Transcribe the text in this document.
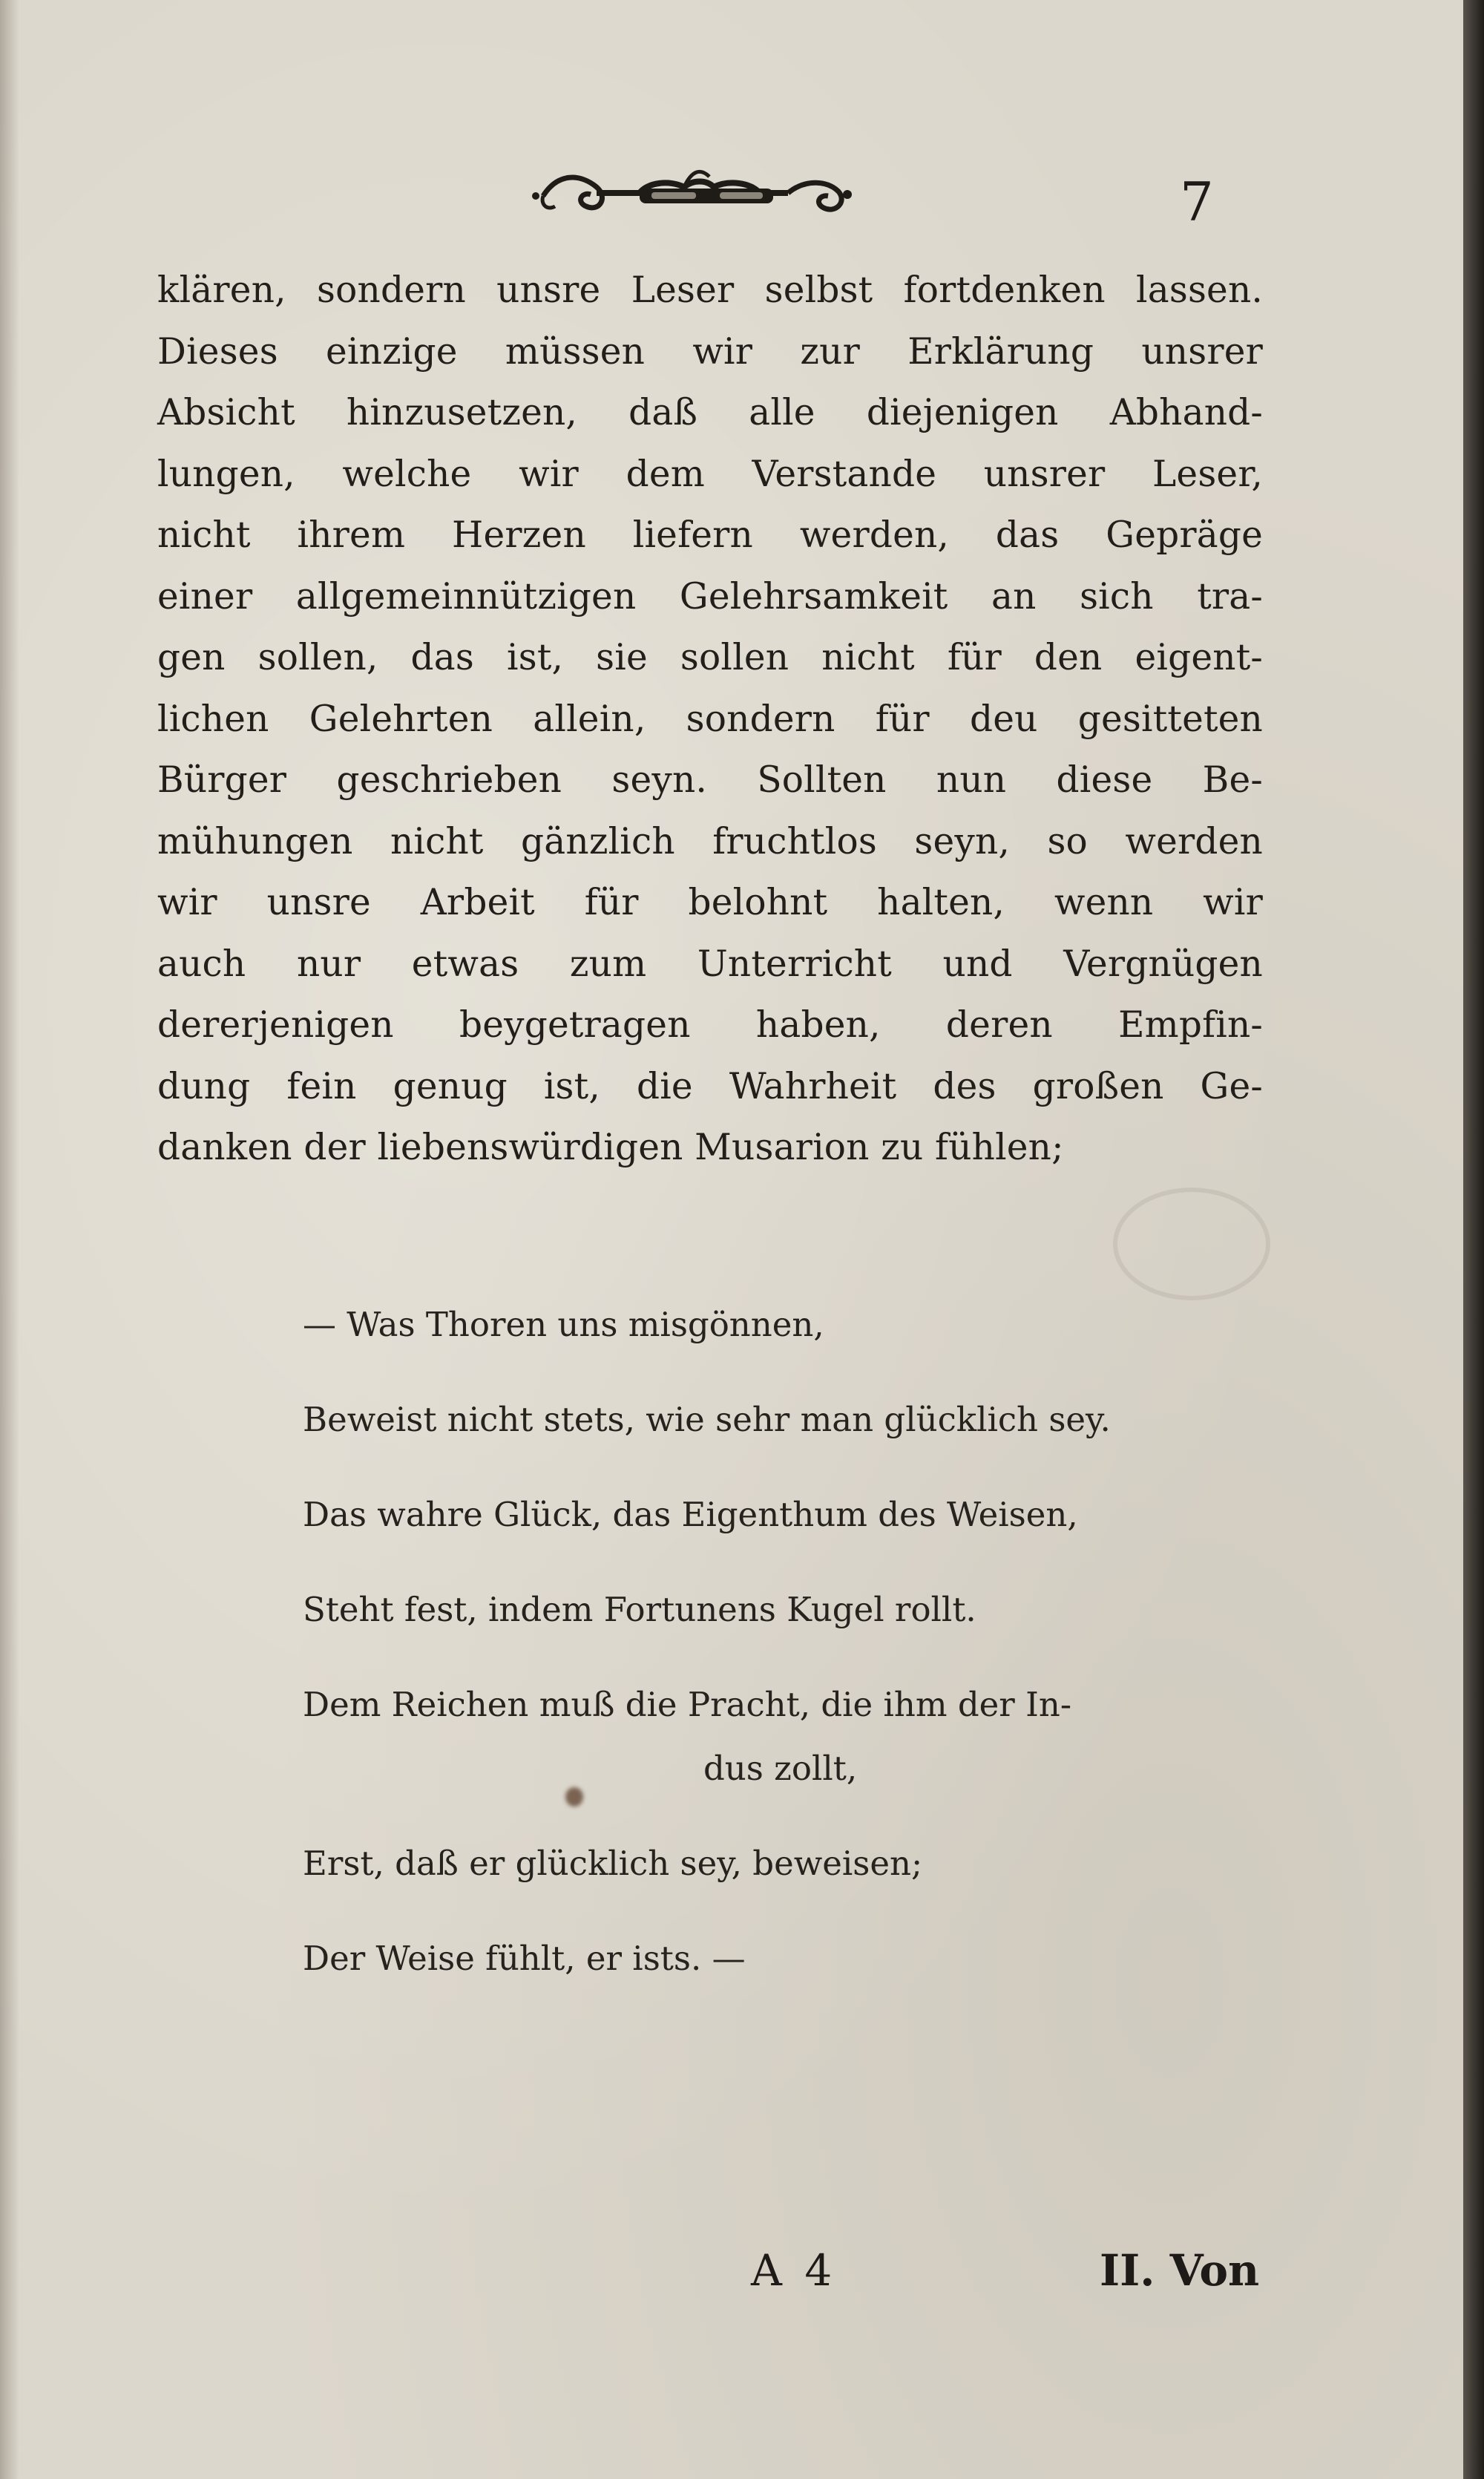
7
klären, sondern unsre Leser selbst fortdenken lassen.
Dieses einzige müssen wir zur Erklärung unsrer
Absicht hinzusetzen, daß alle diejenigen Abhand-
lungen, welche wir dem Verstande unsrer Leser,
nicht ihrem Herzen liefern werden, das Gepräge
einer allgemeinnützigen Gelehrsamkeit an sich tra-
gen sollen, das ist, sie sollen nicht für den eigent-
lichen Gelehrten allein, sondern für deu gesitteten
Bürger geschrieben seyn. Sollten nun diese Be-
mühungen nicht gänzlich fruchtlos seyn, so werden
wir unsre Arbeit für belohnt halten, wenn wir
auch nur etwas zum Unterricht und Vergnügen
dererjenigen beygetragen haben, deren Empfin-
dung fein genug ist, die Wahrheit des großen Ge-
danken der liebenswürdigen Musarion zu fühlen;
— Was Thoren uns misgönnen,
Beweist nicht stets, wie sehr man glücklich sey.
Das wahre Glück, das Eigenthum des Weisen,
Steht fest, indem Fortunens Kugel rollt.
Dem Reichen muß die Pracht, die ihm der In-
dus zollt,
Erst, daß er glücklich sey, beweisen;
Der Weise fühlt, er ists. —
A 4	II. Von
